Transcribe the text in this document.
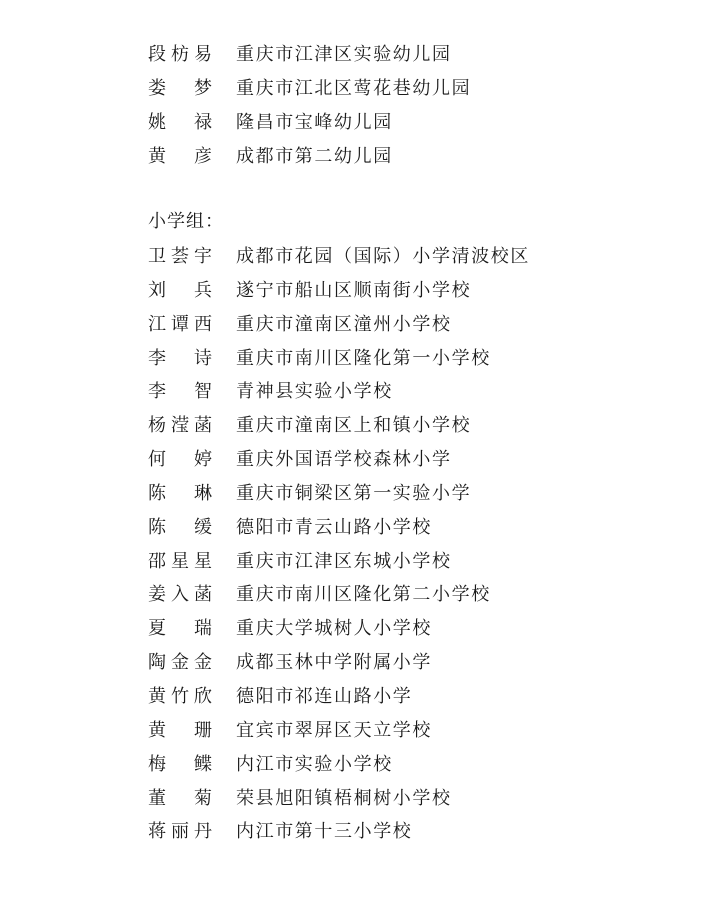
段枋易 重庆市江津区实验幼儿园
娄梦 重庆市江北区莺花巷幼儿园
姚禄 隆昌市宝峰幼儿园
黄彦 成都市第二幼儿园
小学组：
卫荟宇 成都市花园（国际）小学清波校区
刘兵 遂宁市船山区顺南街小学校
江谭西 重庆市潼南区潼州小学校
李诗 重庆市南川区隆化第一小学校
李智 青神县实验小学校
杨滢菡 重庆市潼南区上和镇小学校
何婷 重庆外国语学校森林小学
陈琳 重庆市铜梁区第一实验小学
陈缓 德阳市青云山路小学校
邵星星 重庆市江津区东城小学校
姜入菡 重庆市南川区隆化第二小学校
夏瑞 重庆大学城树人小学校
陶金金 成都玉林中学附属小学
黄竹欣 德阳市祁连山路小学
黄珊 宜宾市翠屏区天立学校
梅鲽 内江市实验小学校
董菊 荣县旭阳镇梧桐树小学校
蒋丽丹 内江市第十三小学校
